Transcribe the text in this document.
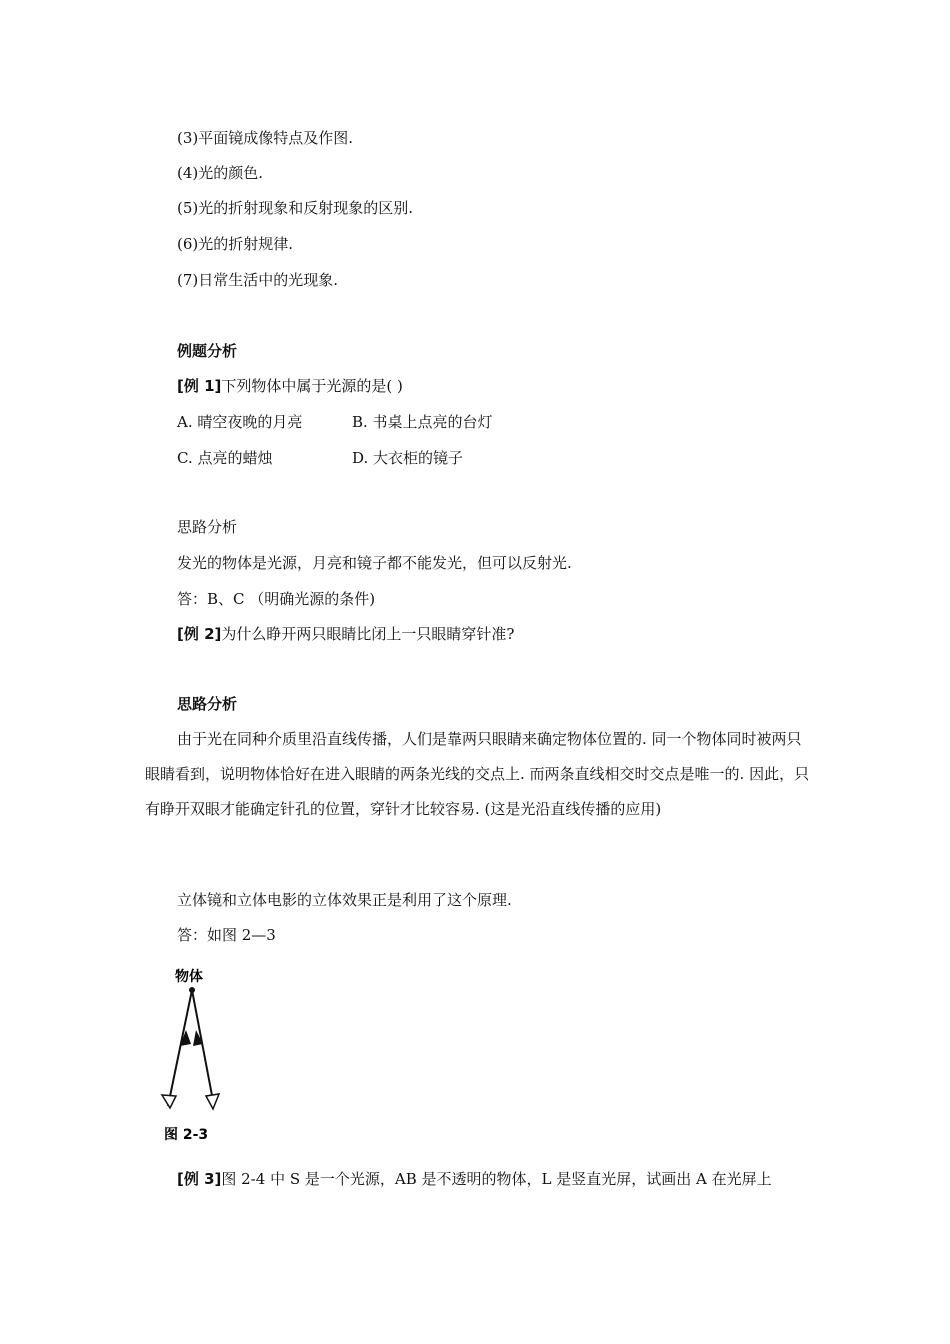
(3)平面镜成像特点及作图.
(4)光的颜色.
(5)光的折射现象和反射现象的区别.
(6)光的折射规律.
(7)日常生活中的光现象.
例题分析
[例 1]下列物体中属于光源的是( )
A. 晴空夜晚的月亮	B. 书桌上点亮的台灯
C. 点亮的蜡烛	D. 大衣柜的镜子
思路分析
发光的物体是光源，月亮和镜子都不能发光，但可以反射光.
答：B、C （明确光源的条件)
[例 2]为什么睁开两只眼睛比闭上一只眼睛穿针准?
思路分析
由于光在同种介质里沿直线传播，人们是靠两只眼睛来确定物体位置的. 同一个物体同时被两只眼睛看到，说明物体恰好在进入眼睛的两条光线的交点上. 而两条直线相交时交点是唯一的. 因此，只有睁开双眼才能确定针孔的位置，穿针才比较容易. (这是光沿直线传播的应用)
立体镜和立体电影的立体效果正是利用了这个原理.
答：如图 2—3
物体
图 2-3
[例 3]图 2-4 中 S 是一个光源，AB 是不透明的物体，L 是竖直光屏，试画出 A 在光屏上
